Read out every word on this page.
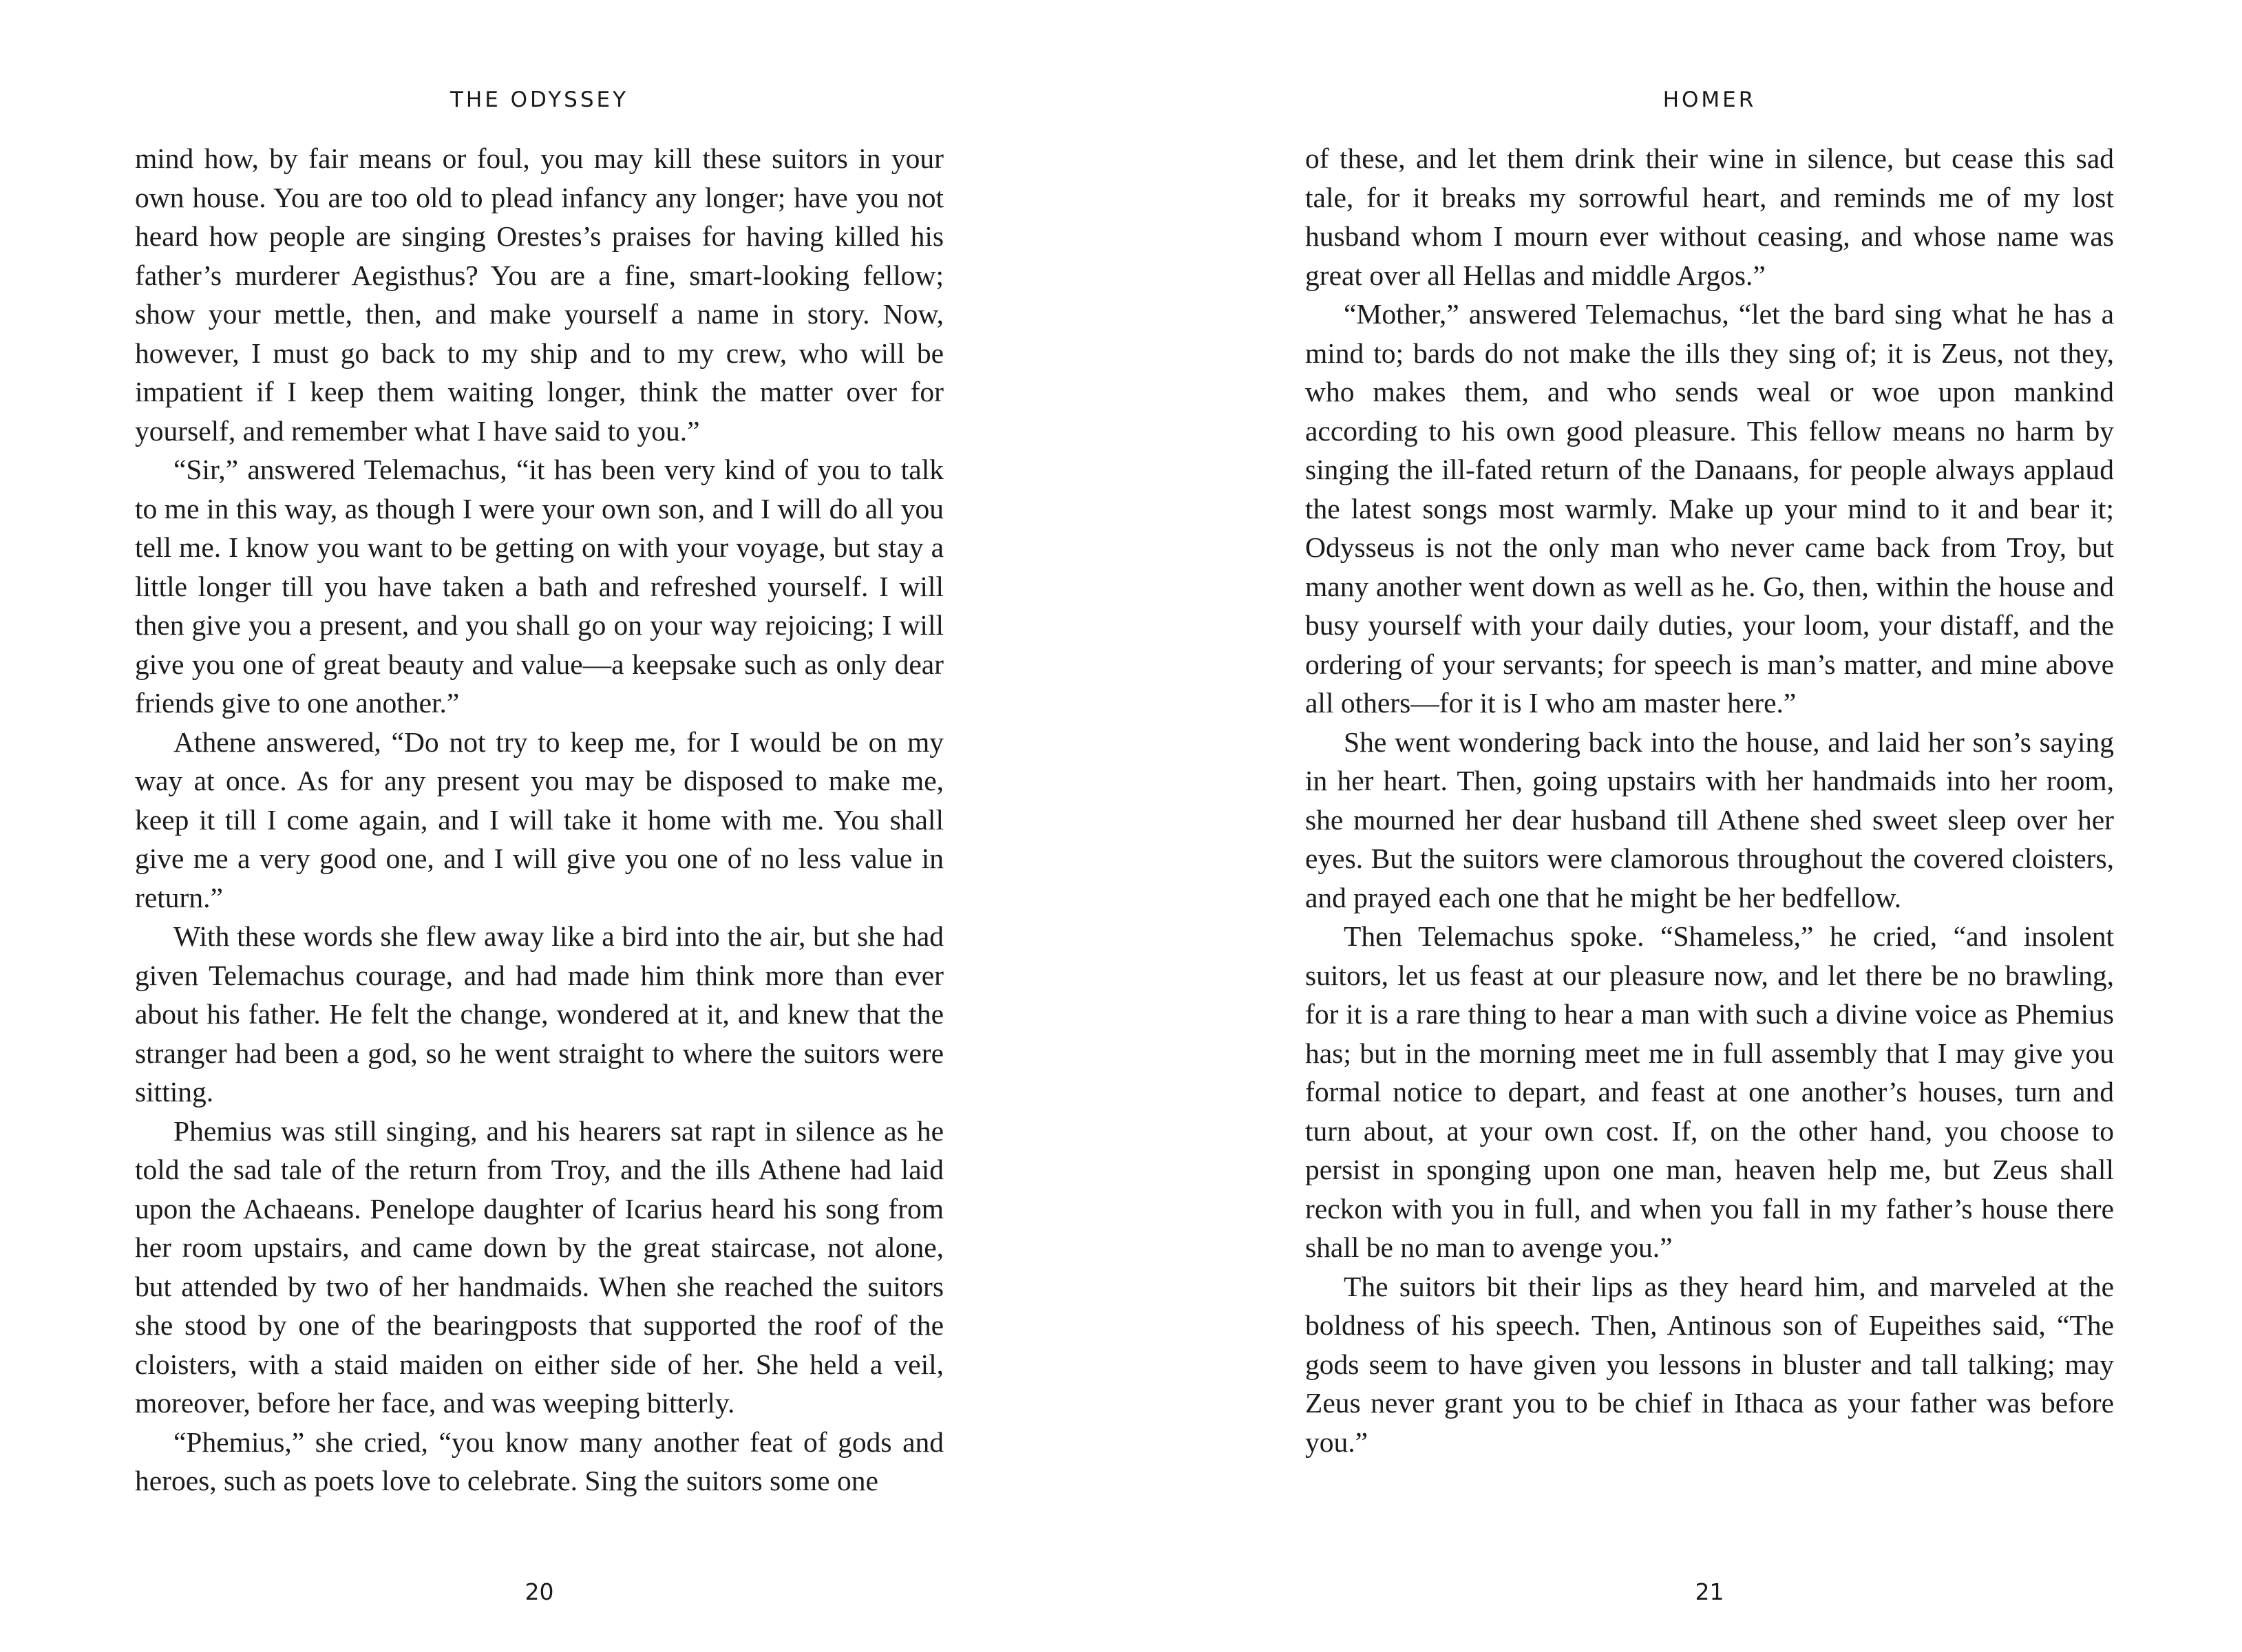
THE ODYSSEY

mind how, by fair means or foul, you may kill these suitors in your own house. You are too old to plead infancy any longer; have you not heard how people are singing Orestes’s praises for having killed his father’s murderer Aegisthus? You are a fine, smart-looking fellow; show your mettle, then, and make yourself a name in story. Now, however, I must go back to my ship and to my crew, who will be impatient if I keep them waiting longer, think the matter over for yourself, and remember what I have said to you.”

“Sir,” answered Telemachus, “it has been very kind of you to talk to me in this way, as though I were your own son, and I will do all you tell me. I know you want to be getting on with your voyage, but stay a little longer till you have taken a bath and refreshed yourself. I will then give you a present, and you shall go on your way rejoicing; I will give you one of great beauty and value—a keepsake such as only dear friends give to one another.”

Athene answered, “Do not try to keep me, for I would be on my way at once. As for any present you may be disposed to make me, keep it till I come again, and I will take it home with me. You shall give me a very good one, and I will give you one of no less value in return.”

With these words she flew away like a bird into the air, but she had given Telemachus courage, and had made him think more than ever about his father. He felt the change, wondered at it, and knew that the stranger had been a god, so he went straight to where the suitors were sitting.

Phemius was still singing, and his hearers sat rapt in silence as he told the sad tale of the return from Troy, and the ills Athene had laid upon the Achaeans. Penelope daughter of Icarius heard his song from her room upstairs, and came down by the great staircase, not alone, but attended by two of her handmaids. When she reached the suitors she stood by one of the bearingposts that supported the roof of the cloisters, with a staid maiden on either side of her. She held a veil, moreover, before her face, and was weeping bitterly.

“Phemius,” she cried, “you know many another feat of gods and heroes, such as poets love to celebrate. Sing the suitors some one

20
HOMER

of these, and let them drink their wine in silence, but cease this sad tale, for it breaks my sorrowful heart, and reminds me of my lost husband whom I mourn ever without ceasing, and whose name was great over all Hellas and middle Argos.”

“Mother,” answered Telemachus, “let the bard sing what he has a mind to; bards do not make the ills they sing of; it is Zeus, not they, who makes them, and who sends weal or woe upon mankind according to his own good pleasure. This fellow means no harm by singing the ill-fated return of the Danaans, for people always applaud the latest songs most warmly. Make up your mind to it and bear it; Odysseus is not the only man who never came back from Troy, but many another went down as well as he. Go, then, within the house and busy yourself with your daily duties, your loom, your distaff, and the ordering of your servants; for speech is man’s matter, and mine above all others—for it is I who am master here.”

She went wondering back into the house, and laid her son’s saying in her heart. Then, going upstairs with her handmaids into her room, she mourned her dear husband till Athene shed sweet sleep over her eyes. But the suitors were clamorous throughout the covered cloisters, and prayed each one that he might be her bedfellow.

Then Telemachus spoke. “Shameless,” he cried, “and insolent suitors, let us feast at our pleasure now, and let there be no brawling, for it is a rare thing to hear a man with such a divine voice as Phemius has; but in the morning meet me in full assembly that I may give you formal notice to depart, and feast at one another’s houses, turn and turn about, at your own cost. If, on the other hand, you choose to persist in sponging upon one man, heaven help me, but Zeus shall reckon with you in full, and when you fall in my father’s house there shall be no man to avenge you.”

The suitors bit their lips as they heard him, and marveled at the boldness of his speech. Then, Antinous son of Eupeithes said, “The gods seem to have given you lessons in bluster and tall talking; may Zeus never grant you to be chief in Ithaca as your father was before you.”

21
